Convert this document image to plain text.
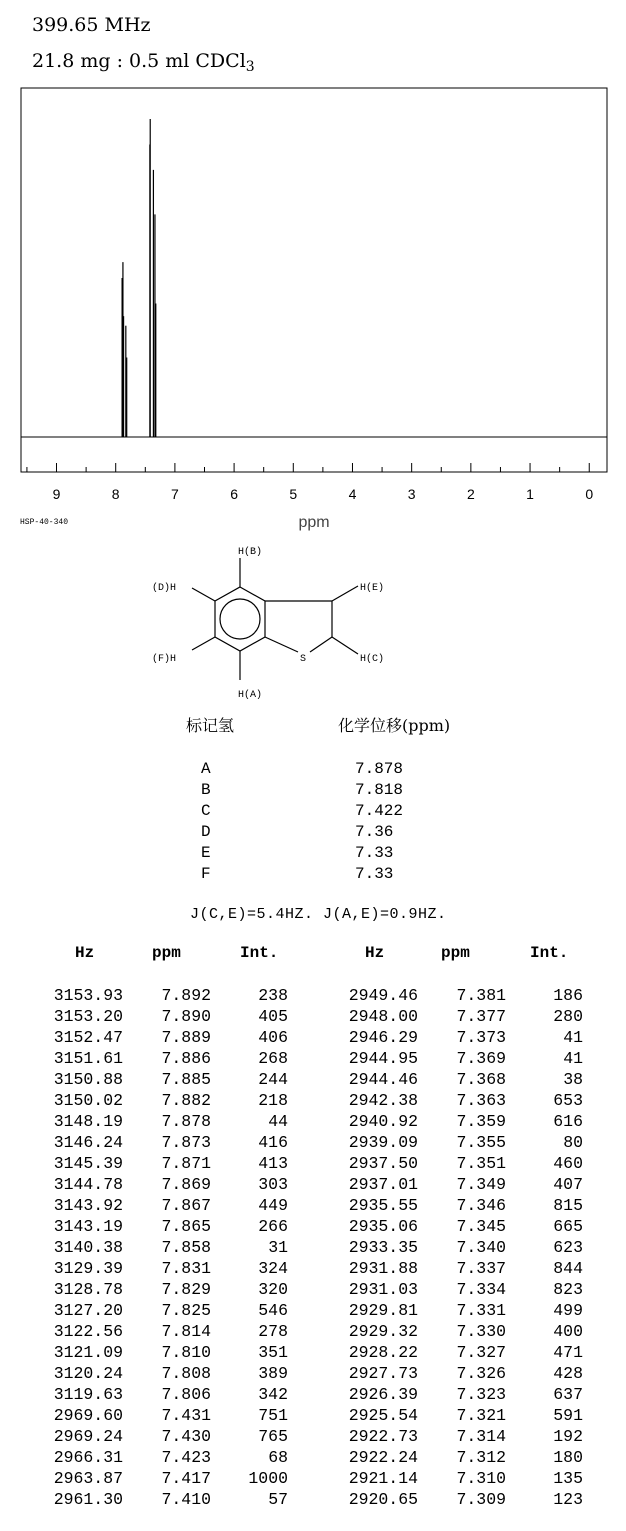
399.65 MHz
21.8 mg : 0.5 ml CDCl$_3$
9	8	7	6	5	4	3	2	1	0
ppm
HSP-40-340
H(B)
(D)H	H(E)
(F)H	H(C)
H(A)
S
标记氢	化学位移(ppm)
A	7.878
B	7.818
C	7.422
D	7.36
E	7.33
F	7.33
J(C,E)=5.4HZ. J(A,E)=0.9HZ.
Hz	ppm	Int.	Hz	ppm	Int.
3153.93 7.892	238	2949.46 7.381	186
3153.20 7.890	405	2948.00 7.377	280
3152.47 7.889	406	2946.29 7.373	41
3151.61 7.886	268	2944.95 7.369	41
3150.88 7.885	244	2944.46 7.368	38
3150.02 7.882	218	2942.38 7.363	653
3148.19 7.878	44	2940.92 7.359	616
3146.24 7.873	416	2939.09 7.355	80
3145.39 7.871	413	2937.50 7.351	460
3144.78 7.869	303	2937.01 7.349	407
3143.92 7.867	449	2935.55 7.346	815
3143.19 7.865	266	2935.06 7.345	665
3140.38 7.858	31	2933.35 7.340	623
3129.39 7.831	324	2931.88 7.337	844
3128.78 7.829	320	2931.03 7.334	823
3127.20 7.825	546	2929.81 7.331	499
3122.56 7.814	278	2929.32 7.330	400
3121.09 7.810	351	2928.22 7.327	471
3120.24 7.808	389	2927.73 7.326	428
3119.63 7.806	342	2926.39 7.323	637
2969.60 7.431	751	2925.54 7.321	591
2969.24 7.430	765	2922.73 7.314	192
2966.31 7.423	68	2922.24 7.312	180
2963.87 7.417 1000	2921.14 7.310	135
2961.30 7.410	57	2920.65 7.309	123
